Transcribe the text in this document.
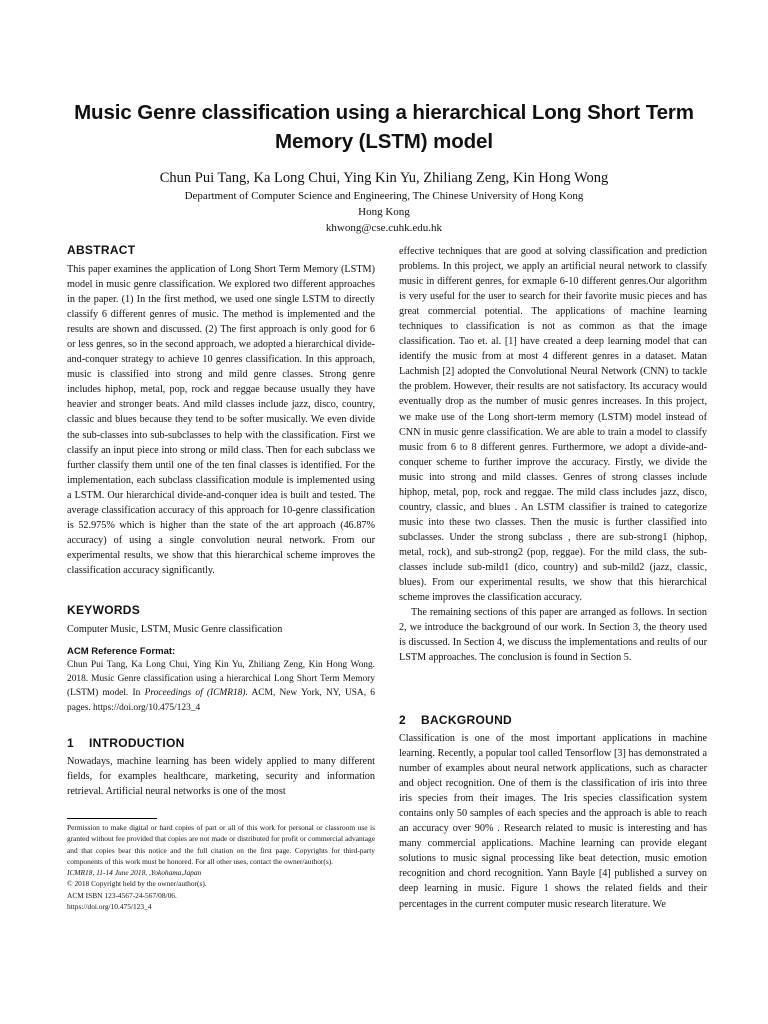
Music Genre classification using a hierarchical Long Short Term Memory (LSTM) model
Chun Pui Tang, Ka Long Chui, Ying Kin Yu, Zhiliang Zeng, Kin Hong Wong
Department of Computer Science and Engineering, The Chinese University of Hong Kong
Hong Kong
khwong@cse.cuhk.edu.hk
ABSTRACT

This paper examines the application of Long Short Term Memory (LSTM) model in music genre classification. We explored two different approaches in the paper. (1) In the first method, we used one single LSTM to directly classify 6 different genres of music. The method is implemented and the results are shown and discussed. (2) The first approach is only good for 6 or less genres, so in the second approach, we adopted a hierarchical divide-and-conquer strategy to achieve 10 genres classification. In this approach, music is classified into strong and mild genre classes. Strong genre includes hiphop, metal, pop, rock and reggae because usually they have heavier and stronger beats. And mild classes include jazz, disco, country, classic and blues because they tend to be softer musically. We even divide the sub-classes into sub-subclasses to help with the classification. First we classify an input piece into strong or mild class. Then for each subclass we further classify them until one of the ten final classes is identified. For the implementation, each subclass classification module is implemented using a LSTM. Our hierarchical divide-and-conquer idea is built and tested. The average classification accuracy of this approach for 10-genre classification is 52.975% which is higher than the state of the art approach (46.87% accuracy) of using a single convolution neural network. From our experimental results, we show that this hierarchical scheme improves the classification accuracy significantly.

KEYWORDS

Computer Music, LSTM, Music Genre classification

ACM Reference Format:

Chun Pui Tang, Ka Long Chui, Ying Kin Yu, Zhiliang Zeng, Kin Hong Wong. 2018. Music Genre classification using a hierarchical Long Short Term Memory (LSTM) model. In Proceedings of (ICMR18). ACM, New York, NY, USA, 6 pages. https://doi.org/10.475/123_4

1 INTRODUCTION

Nowadays, machine learning has been widely applied to many different fields, for examples healthcare, marketing, security and information retrieval. Artificial neural networks is one of the most

Permission to make digital or hard copies of part or all of this work for personal or classroom use is granted without fee provided that copies are not made or distributed for profit or commercial advantage and that copies bear this notice and the full citation on the first page. Copyrights for third-party components of this work must be honored. For all other uses, contact the owner/author(s).

ICMR18, 11-14 June 2018, ,Yokohama,Japan

© 2018 Copyright held by the owner/author(s).

ACM ISBN 123-4567-24-567/08/06.

https://doi.org/10.475/123_4

effective techniques that are good at solving classification and prediction problems. In this project, we apply an artificial neural network to classify music in different genres, for exmaple 6-10 different genres.Our algorithm is very useful for the user to search for their favorite music pieces and has great commercial potential. The applications of machine learning techniques to classification is not as common as that the image classification. Tao et. al. [1] have created a deep learning model that can identify the music from at most 4 different genres in a dataset. Matan Lachmish [2] adopted the Convolutional Neural Network (CNN) to tackle the problem. However, their results are not satisfactory. Its accuracy would eventually drop as the number of music genres increases. In this project, we make use of the Long short-term memory (LSTM) model instead of CNN in music genre classification. We are able to train a model to classify music from 6 to 8 different genres. Furthermore, we adopt a divide-and-conquer scheme to further improve the accuracy. Firstly, we divide the music into strong and mild classes. Genres of strong classes include hiphop, metal, pop, rock and reggae. The mild class includes jazz, disco, country, classic, and blues . An LSTM classifier is trained to categorize music into these two classes. Then the music is further classified into subclasses. Under the strong subclass , there are sub-strong1 (hiphop, metal, rock), and sub-strong2 (pop, reggae). For the mild class, the sub-classes include sub-mild1 (dico, country) and sub-mild2 (jazz, classic, blues). From our experimental results, we show that this hierarchical scheme improves the classification accuracy.

The remaining sections of this paper are arranged as follows. In section 2, we introduce the background of our work. In Section 3, the theory used is discussed. In Section 4, we discuss the implementations and reults of our LSTM approaches. The conclusion is found in Section 5.

2 BACKGROUND

Classification is one of the most important applications in machine learning. Recently, a popular tool called Tensorflow [3] has demonstrated a number of examples about neural network applications, such as character and object recognition. One of them is the classification of iris into three iris species from their images. The Iris species classification system contains only 50 samples of each species and the approach is able to reach an accuracy over 90% . Research related to music is interesting and has many commercial applications. Machine learning can provide elegant solutions to music signal processing like beat detection, music emotion recognition and chord recognition. Yann Bayle [4] published a survey on deep learning in music. Figure 1 shows the related fields and their percentages in the current computer music research literature. We
